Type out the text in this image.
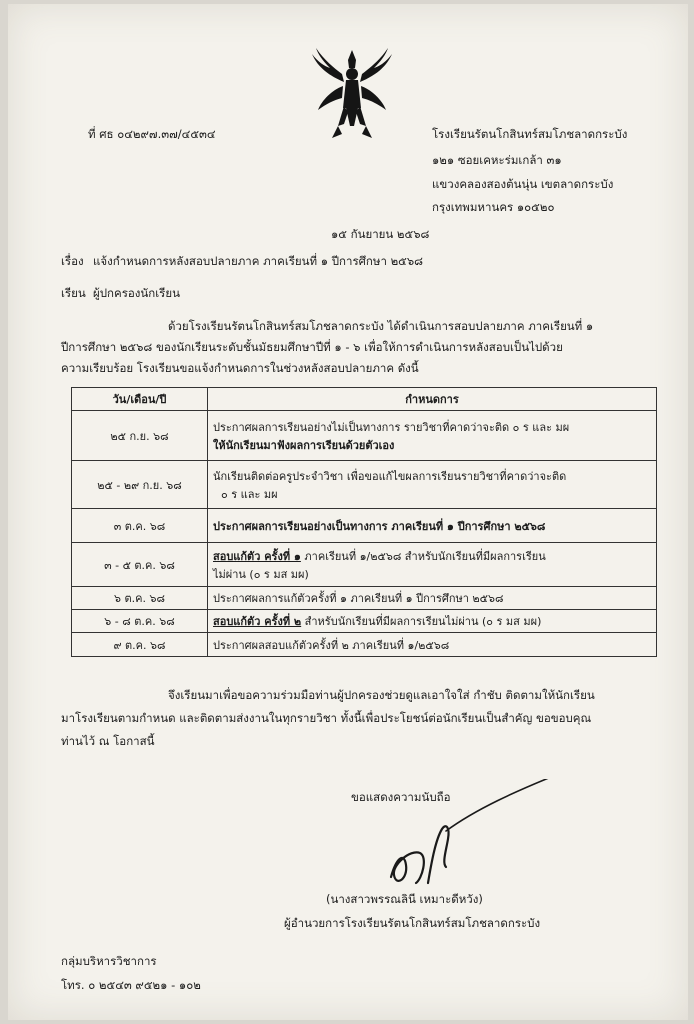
ที่ ศธ ๐๔๒๙๗.๓๗/๔๕๓๔	โรงเรียนรัตนโกสินทร์สมโภชลาดกระบัง
๑๒๑ ซอยเคหะร่มเกล้า ๓๑
แขวงคลองสองต้นนุ่น เขตลาดกระบัง
กรุงเทพมหานคร ๑๐๕๒๐
๑๕ กันยายน ๒๕๖๘
เรื่อง แจ้งกำหนดการหลังสอบปลายภาค ภาคเรียนที่ ๑ ปีการศึกษา ๒๕๖๘
เรียน ผู้ปกครองนักเรียน
ด้วยโรงเรียนรัตนโกสินทร์สมโภชลาดกระบัง ได้ดำเนินการสอบปลายภาค ภาคเรียนที่ ๑
ปีการศึกษา ๒๕๖๘ ของนักเรียนระดับชั้นมัธยมศึกษาปีที่ ๑ - ๖ เพื่อให้การดำเนินการหลังสอบเป็นไปด้วย
ความเรียบร้อย โรงเรียนขอแจ้งกำหนดการในช่วงหลังสอบปลายภาค ดังนี้
วัน/เดือน/ปี	กำหนดการ
๒๕ ก.ย. ๖๘	ประกาศผลการเรียนอย่างไม่เป็นทางการ รายวิชาที่คาดว่าจะติด ๐ ร และ มผ
ให้นักเรียนมาฟังผลการเรียนด้วยตัวเอง

๒๕ - ๒๙ ก.ย. ๖๘	นักเรียนติดต่อครูประจำวิชา เพื่อขอแก้ไขผลการเรียนรายวิชาที่คาดว่าจะติด
๐ ร และ มผ

๓ ต.ค. ๖๘	ประกาศผลการเรียนอย่างเป็นทางการ ภาคเรียนที่ ๑ ปีการศึกษา ๒๕๖๘
๓ - ๕ ต.ค. ๖๘	สอบแก้ตัว ครั้งที่ ๑ ภาคเรียนที่ ๑/๒๕๖๘ สำหรับนักเรียนที่มีผลการเรียน
ไม่ผ่าน (๐ ร มส มผ)

๖ ต.ค. ๖๘	ประกาศผลการแก้ตัวครั้งที่ ๑ ภาคเรียนที่ ๑ ปีการศึกษา ๒๕๖๘
๖ - ๘ ต.ค. ๖๘	สอบแก้ตัว ครั้งที่ ๒ สำหรับนักเรียนที่มีผลการเรียนไม่ผ่าน (๐ ร มส มผ)
๙ ต.ค. ๖๘	ประกาศผลสอบแก้ตัวครั้งที่ ๒ ภาคเรียนที่ ๑/๒๕๖๘
จึงเรียนมาเพื่อขอความร่วมมือท่านผู้ปกครองช่วยดูแลเอาใจใส่ กำชับ ติดตามให้นักเรียน
มาโรงเรียนตามกำหนด และติดตามส่งงานในทุกรายวิชา ทั้งนี้เพื่อประโยชน์ต่อนักเรียนเป็นสำคัญ ขอขอบคุณ
ท่านไว้ ณ โอกาสนี้
ขอแสดงความนับถือ
(นางสาวพรรณลินี เหมาะดีหวัง)
ผู้อำนวยการโรงเรียนรัตนโกสินทร์สมโภชลาดกระบัง
กลุ่มบริหารวิชาการ
โทร. ๐ ๒๕๔๓ ๙๕๒๑ - ๑๐๒
